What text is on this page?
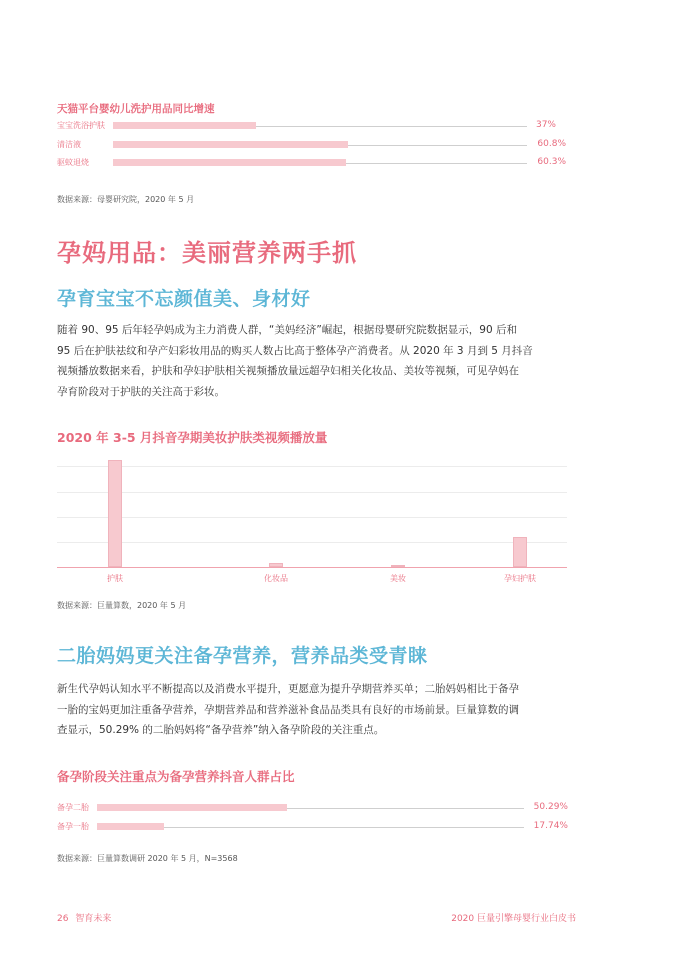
天猫平台婴幼儿洗护用品同比增速
宝宝洗浴护肤	37%
清洁液	60.8%
驱蚊退烧	60.3%
数据来源：母婴研究院，2020 年 5 月
孕妈用品：美丽营养两手抓
孕育宝宝不忘颜值美、身材好
随着 90、95 后年轻孕妈成为主力消费人群，“美妈经济”崛起，根据母婴研究院数据显示，90 后和
95 后在护肤祛纹和孕产妇彩妆用品的购买人数占比高于整体孕产消费者。从 2020 年 3 月到 5 月抖音
视频播放数据来看，护肤和孕妇护肤相关视频播放量远超孕妇相关化妆品、美妆等视频，可见孕妈在
孕育阶段对于护肤的关注高于彩妆。
2020 年 3-5 月抖音孕期美妆护肤类视频播放量
护肤	化妆品	美妆	孕妇护肤
数据来源：巨量算数，2020 年 5 月
二胎妈妈更关注备孕营养，营养品类受青睐
新生代孕妈认知水平不断提高以及消费水平提升，更愿意为提升孕期营养买单；二胎妈妈相比于备孕
一胎的宝妈更加注重备孕营养，孕期营养品和营养滋补食品品类具有良好的市场前景。巨量算数的调
查显示，50.29% 的二胎妈妈将“备孕营养”纳入备孕阶段的关注重点。
备孕阶段关注重点为备孕营养抖音人群占比
备孕二胎	50.29%
备孕一胎	17.74%
数据来源：巨量算数调研 2020 年 5 月，N=3568
26 智育未来	2020 巨量引擎母婴行业白皮书
